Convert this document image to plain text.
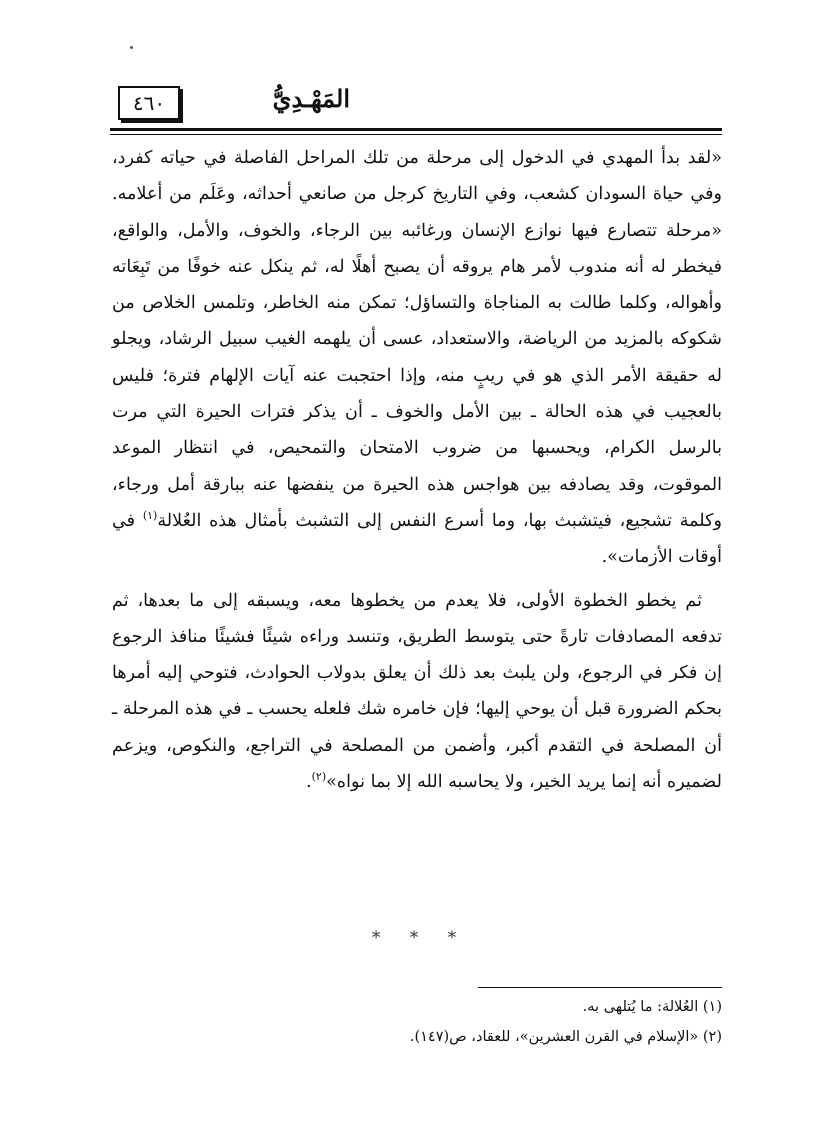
٤٦٠	المَهْـدِيُّ

«لقد بدأ المهدي في الدخول إلى مرحلة من تلك المراحل الفاصلة في حياته كفرد، وفي حياة السودان كشعب، وفي التاريخ كرجل من صانعي أحداثه، وعَلَم من أعلامه. «مرحلة تتصارع فيها نوازع الإنسان ورغائبه بين الرجاء، والخوف، والأمل، والواقع، فيخطر له أنه مندوب لأمر هام يروقه أن يصبح أهلًا له، ثم ينكل عنه خوفًا من تَبِعَاته وأهواله، وكلما طالت به المناجاة والتساؤل؛ تمكن منه الخاطر، وتلمس الخلاص من شكوكه بالمزيد من الرياضة، والاستعداد، عسى أن يلهمه الغيب سبيل الرشاد، ويجلو له حقيقة الأمر الذي هو في ريبٍ منه، وإذا احتجبت عنه آيات الإلهام فترة؛ فليس بالعجيب في هذه الحالة ـ بين الأمل والخوف ـ أن يذكر فترات الحيرة التي مرت بالرسل الكرام، ويحسبها من ضروب الامتحان والتمحيص، في انتظار الموعد الموقوت، وقد يصادفه بين هواجس هذه الحيرة من ينفضها عنه ببارقة أمل ورجاء، وكلمة تشجيع، فيتشبث بها، وما أسرع النفس إلى التشبث بأمثال هذه العُلالة$^{(١)}$ في أوقات الأزمات».

ثم يخطو الخطوة الأولى، فلا يعدم من يخطوها معه، ويسبقه إلى ما بعدها، ثم تدفعه المصادفات تارةً حتى يتوسط الطريق، وتنسد وراءه شيئًا فشيئًا منافذ الرجوع إن فكر في الرجوع، ولن يلبث بعد ذلك أن يعلق بدولاب الحوادث، فتوحي إليه أمرها بحكم الضرورة قبل أن يوحي إليها؛ فإن خامره شك فلعله يحسب ـ في هذه المرحلة ـ أن المصلحة في التقدم أكبر، وأضمن من المصلحة في التراجع، والنكوص، ويزعم لضميره أنه إنما يريد الخير، ولا يحاسبه الله إلا بما نواه»$^{(٢)}$.

* * *
(١) العُلالة: ما يُتلهى به.
(٢) «الإسلام في القرن العشرين»، للعقاد، ص(١٤٧).
